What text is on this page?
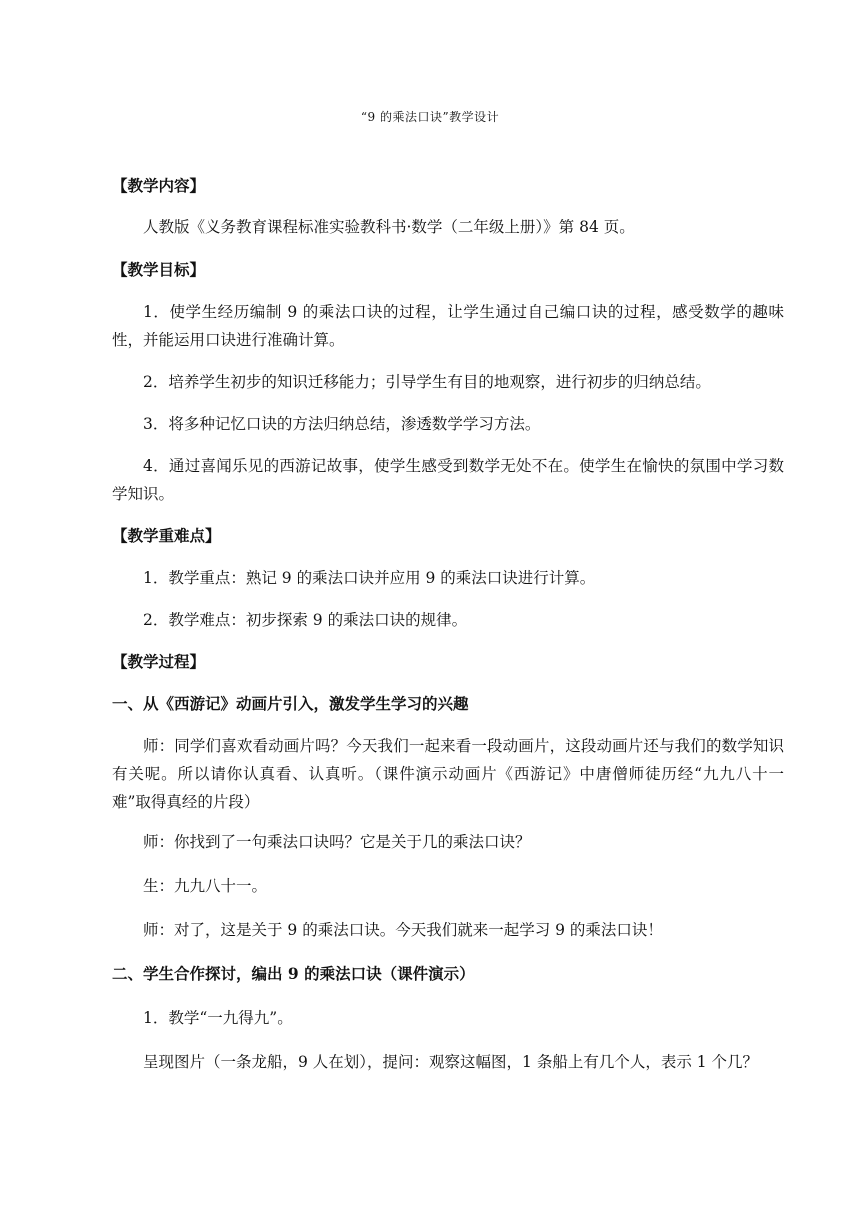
“9 的乘法口诀”教学设计

【教学内容】

人教版《义务教育课程标准实验教科书·数学（二年级上册）》第 84 页。

【教学目标】

1．使学生经历编制 9 的乘法口诀的过程，让学生通过自己编口诀的过程，感受数学的趣味性，并能运用口诀进行准确计算。

2．培养学生初步的知识迁移能力；引导学生有目的地观察，进行初步的归纳总结。

3．将多种记忆口诀的方法归纳总结，渗透数学学习方法。

4．通过喜闻乐见的西游记故事，使学生感受到数学无处不在。使学生在愉快的氛围中学习数学知识。

【教学重难点】

1．教学重点：熟记 9 的乘法口诀并应用 9 的乘法口诀进行计算。

2．教学难点：初步探索 9 的乘法口诀的规律。

【教学过程】

一、从《西游记》动画片引入，激发学生学习的兴趣

师：同学们喜欢看动画片吗？今天我们一起来看一段动画片，这段动画片还与我们的数学知识有关呢。所以请你认真看、认真听。（课件演示动画片《西游记》中唐僧师徒历经“九九八十一难”取得真经的片段）

师：你找到了一句乘法口诀吗？它是关于几的乘法口诀？

生：九九八十一。

师：对了，这是关于 9 的乘法口诀。今天我们就来一起学习 9 的乘法口诀！

二、学生合作探讨，编出 9 的乘法口诀（课件演示）

1．教学“一九得九”。

呈现图片（一条龙船，9 人在划），提问：观察这幅图，1 条船上有几个人，表示 1 个几？
